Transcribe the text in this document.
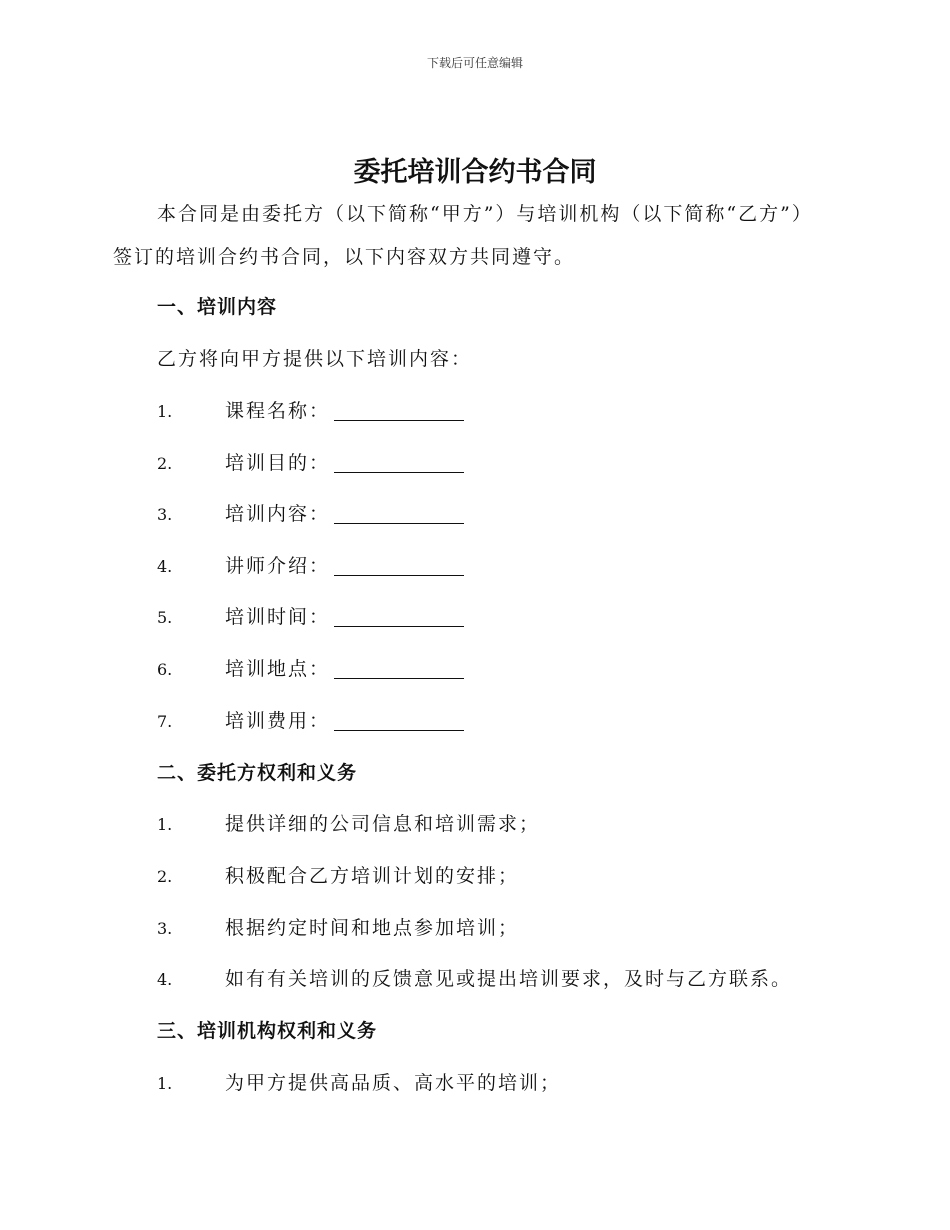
下载后可任意编辑
委托培训合约书合同

本合同是由委托方（以下简称“甲方”）与培训机构（以下简称“乙方”）签订的培训合约书合同，以下内容双方共同遵守。

一、培训内容

乙方将向甲方提供以下培训内容：

1.	课程名称：
2.	培训目的：
3.	培训内容：
4.	讲师介绍：
5.	培训时间：
6.	培训地点：
7.	培训费用：
二、委托方权利和义务
1.	提供详细的公司信息和培训需求；
2.	积极配合乙方培训计划的安排；
3.	根据约定时间和地点参加培训；
4.	如有有关培训的反馈意见或提出培训要求，及时与乙方联系。
三、培训机构权利和义务
1.	为甲方提供高品质、高水平的培训；
